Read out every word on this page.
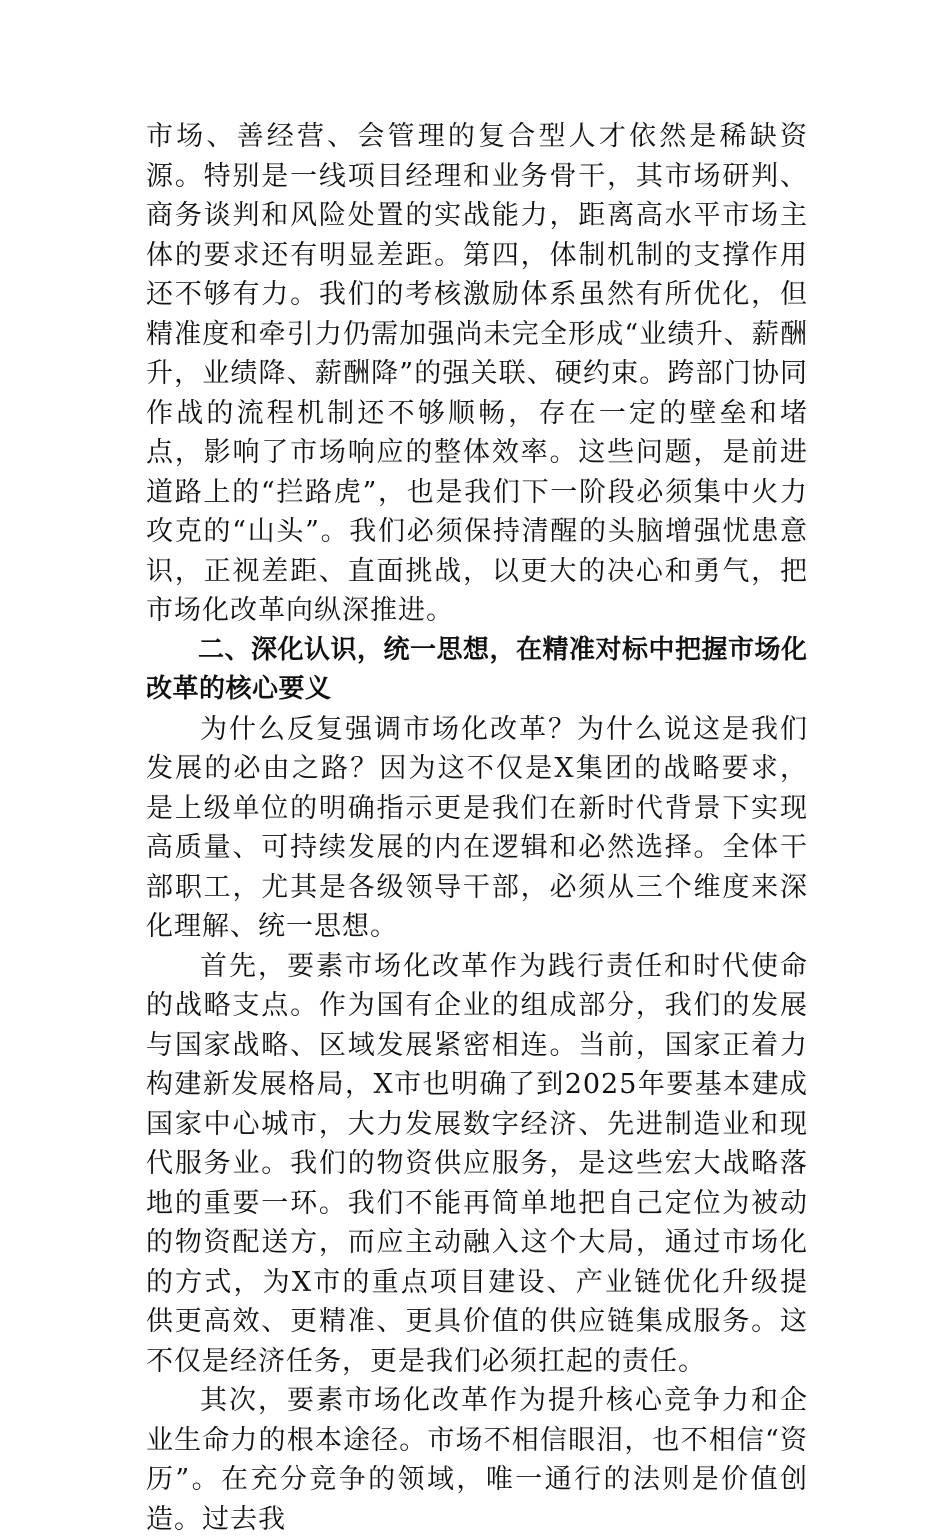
市场、善经营、会管理的复合型人才依然是稀缺资源。特别是一线项目经理和业务骨干，其市场研判、商务谈判和风险处置的实战能力，距离高水平市场主体的要求还有明显差距。第四，体制机制的支撑作用还不够有力。我们的考核激励体系虽然有所优化，但精准度和牵引力仍需加强尚未完全形成“业绩升、薪酬升，业绩降、薪酬降”的强关联、硬约束。跨部门协同作战的流程机制还不够顺畅，存在一定的壁垒和堵点，影响了市场响应的整体效率。这些问题，是前进道路上的“拦路虎”，也是我们下一阶段必须集中火力攻克的“山头”。我们必须保持清醒的头脑增强忧患意识，正视差距、直面挑战，以更大的决心和勇气，把市场化改革向纵深推进。

二、深化认识，统一思想，在精准对标中把握市场化改革的核心要义

为什么反复强调市场化改革？为什么说这是我们发展的必由之路？因为这不仅是X集团的战略要求，是上级单位的明确指示更是我们在新时代背景下实现高质量、可持续发展的内在逻辑和必然选择。全体干部职工，尤其是各级领导干部，必须从三个维度来深化理解、统一思想。

首先，要素市场化改革作为践行责任和时代使命的战略支点。作为国有企业的组成部分，我们的发展与国家战略、区域发展紧密相连。当前，国家正着力构建新发展格局，X市也明确了到2025年要基本建成国家中心城市，大力发展数字经济、先进制造业和现代服务业。我们的物资供应服务，是这些宏大战略落地的重要一环。我们不能再简单地把自己定位为被动的物资配送方，而应主动融入这个大局，通过市场化的方式，为X市的重点项目建设、产业链优化升级提供更高效、更精准、更具价值的供应链集成服务。这不仅是经济任务，更是我们必须扛起的责任。

其次，要素市场化改革作为提升核心竞争力和企业生命力的根本途径。市场不相信眼泪，也不相信“资历”。在充分竞争的领域，唯一通行的法则是价值创造。过去我
